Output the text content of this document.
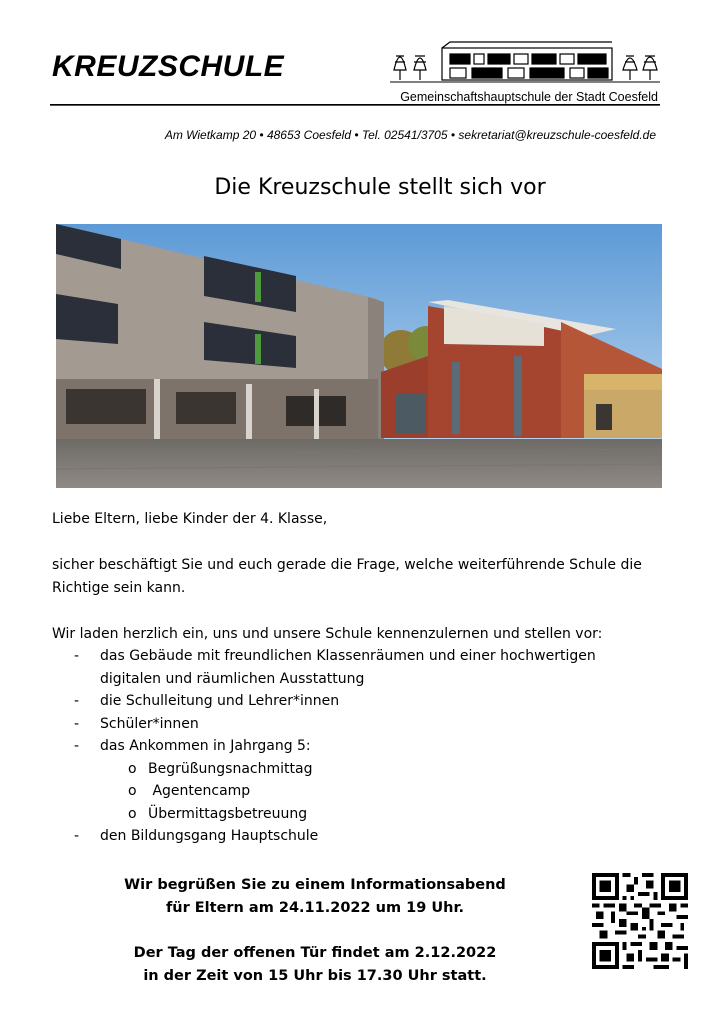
KREUZSCHULE
Gemeinschaftshauptschule der Stadt Coesfeld
Am Wietkamp 20 • 48653 Coesfeld • Tel. 02541/3705 • sekretariat@kreuzschule-coesfeld.de
Die Kreuzschule stellt sich vor
Liebe Eltern, liebe Kinder der 4. Klasse,
sicher beschäftigt Sie und euch gerade die Frage, welche weiterführende Schule die Richtige sein kann.
Wir laden herzlich ein, uns und unsere Schule kennenzulernen und stellen vor:
- das Gebäude mit freundlichen Klassenräumen und einer hochwertigen digitalen und räumlichen Ausstattung
- die Schulleitung und Lehrer*innen
- Schüler*innen
- das Ankommen in Jahrgang 5:
o Begrüßungsnachmittag
o Agentencamp
o Übermittagsbetreuung
- den Bildungsgang Hauptschule

Wir begrüßen Sie zu einem Informationsabend

für Eltern am 24.11.2022 um 19 Uhr.

Der Tag der offenen Tür findet am 2.12.2022

in der Zeit von 15 Uhr bis 17.30 Uhr statt.
